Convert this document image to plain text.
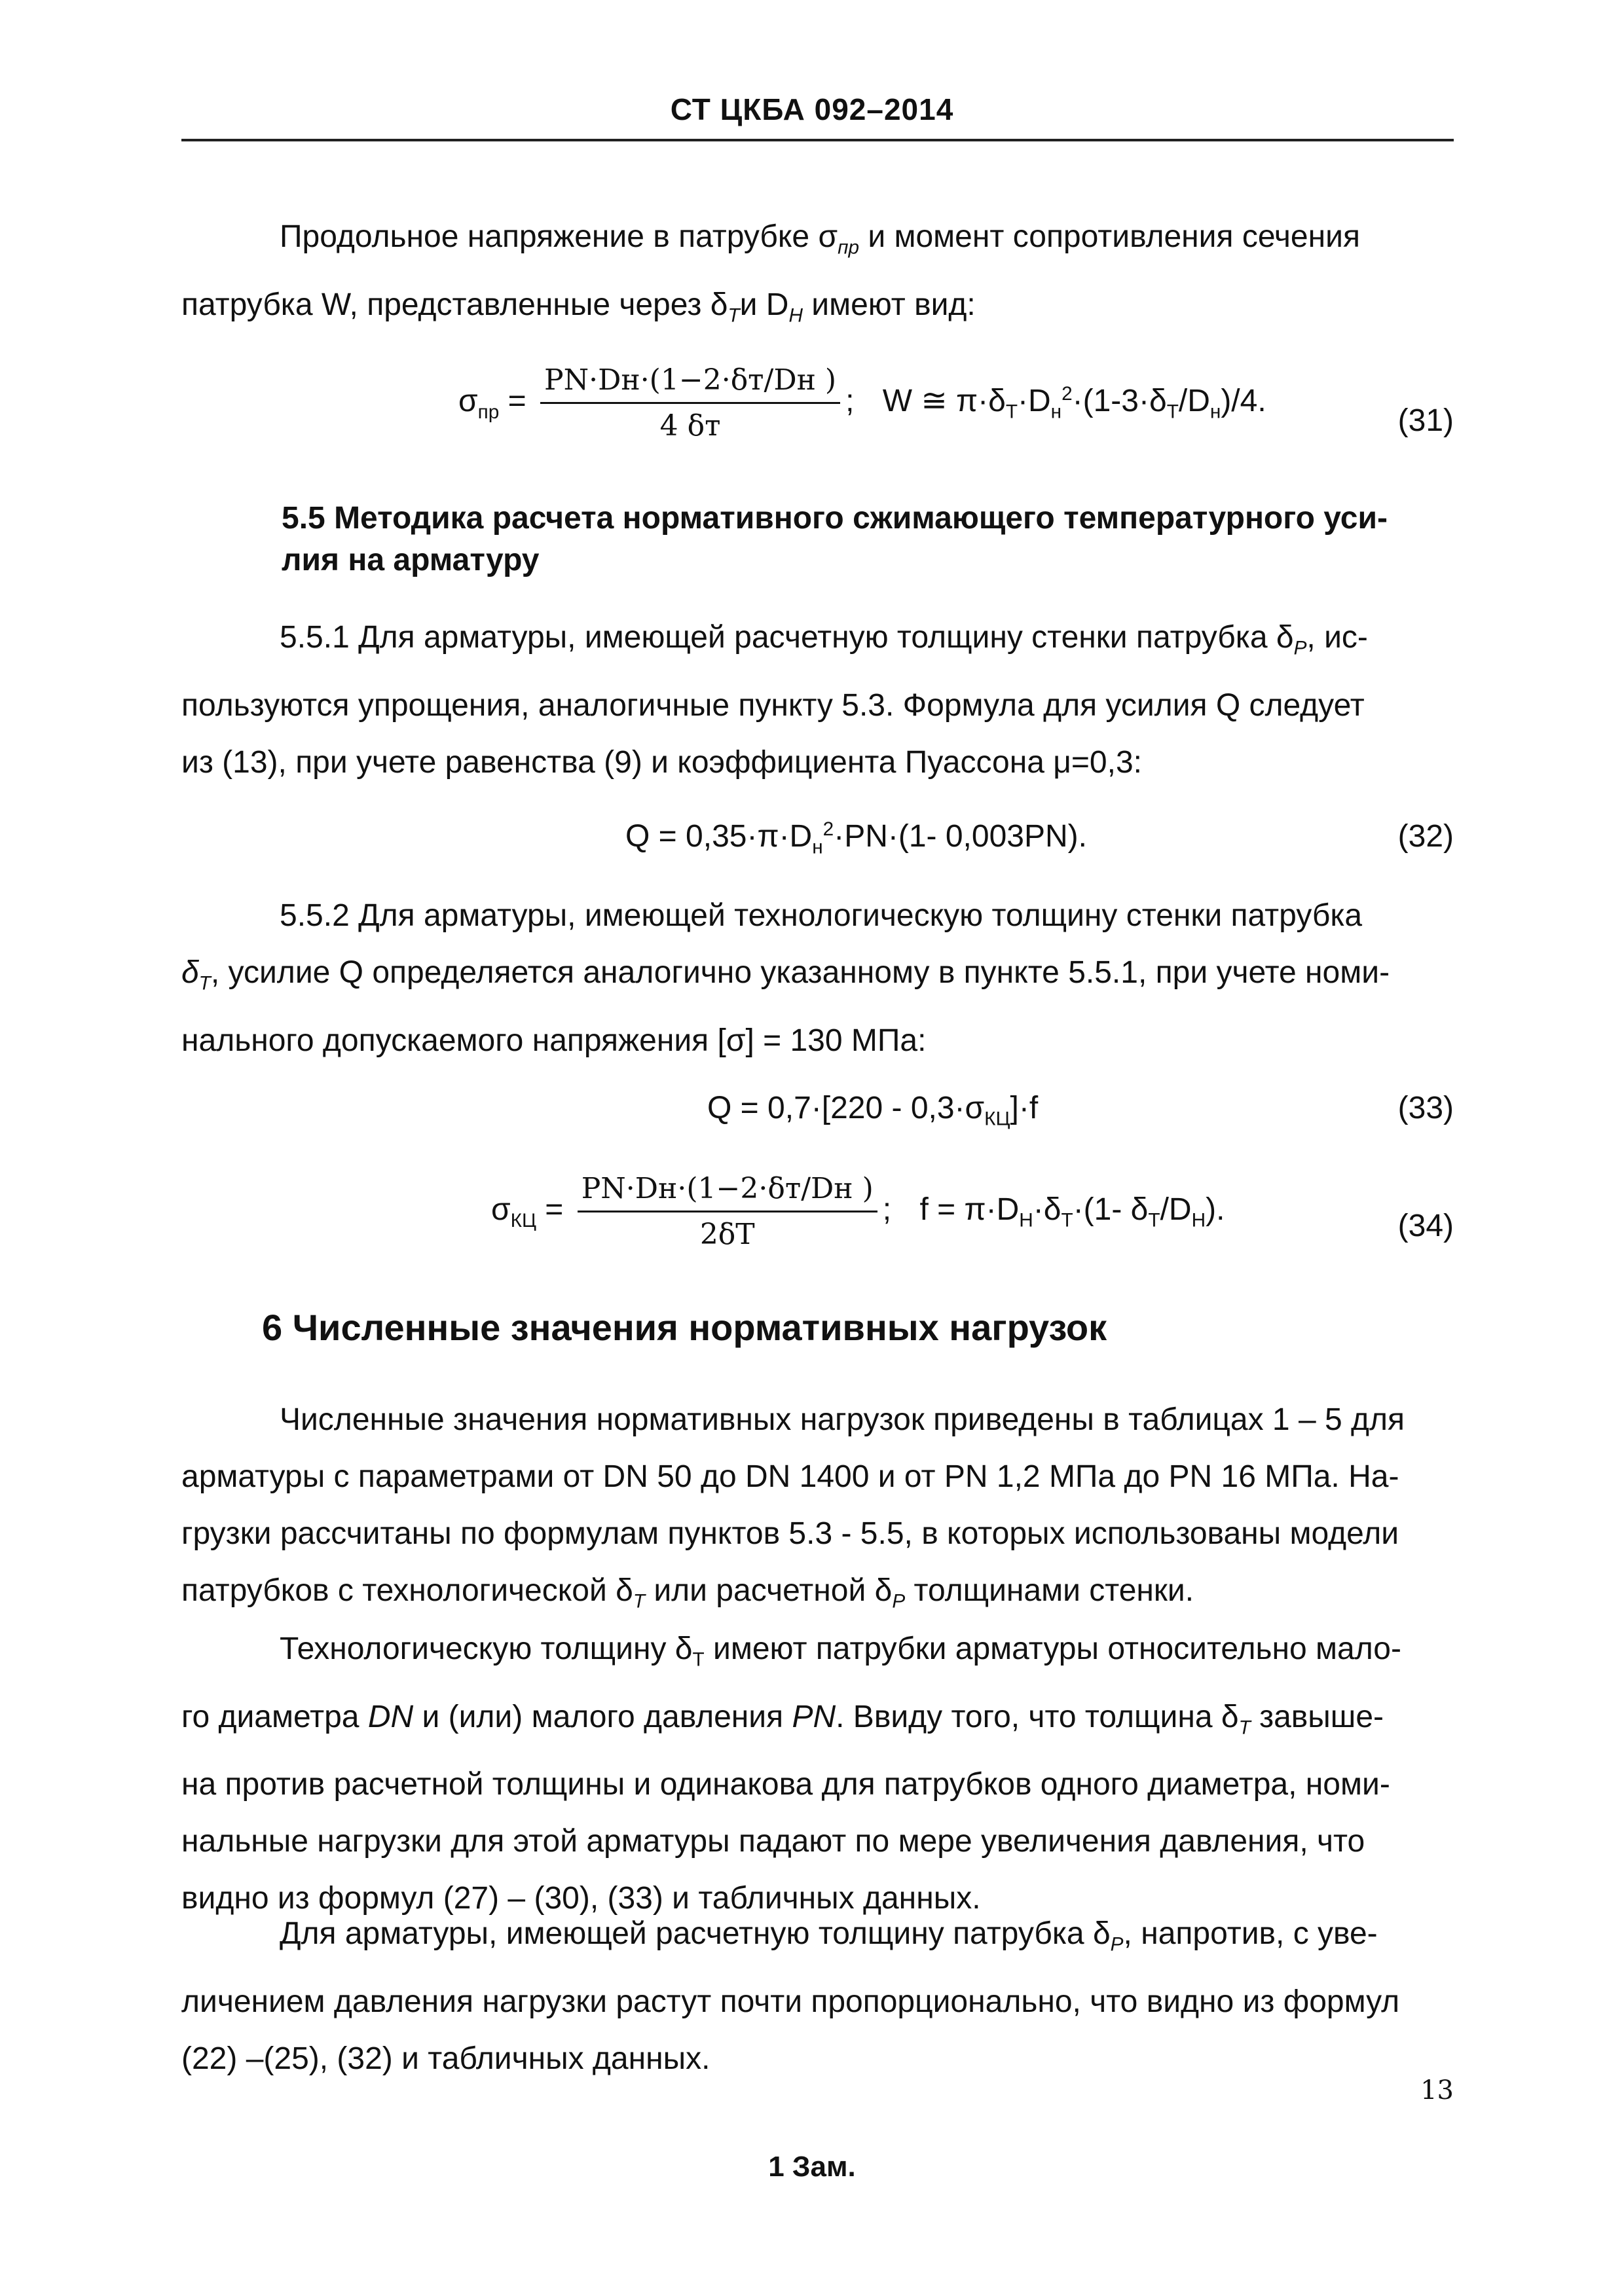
СТ ЦКБА 092–2014
Продольное напряжение в патрубке $\sigma_{пр}$ и момент сопротивления сечения
патрубка W, представленные через $\delta_Ти$ $D_Н$ имеют вид:
$\sigma_{пр} = \frac{PN\cdot Dн\cdot(1-2\cdot\delta т/Dн )}{4 \delta т}$ ; W ≅ $\pi\cdot\delta_Т\cdot D_н^2\cdot(1-3\cdot\delta_Т/D_н)/4$.
(31)
5.5 Методика расчета нормативного сжимающего температурного уси-
лия на арматуру
5.5.1 Для арматуры, имеющей расчетную толщину стенки патрубка $\delta_Р$, ис-
пользуются упрощения, аналогичные пункту 5.3. Формула для усилия Q следует
из (13), при учете равенства (9) и коэффициента Пуассона μ=0,3:
$Q = 0,35\cdot\pi\cdot D_н^2\cdot PN\cdot(1-$ 0,003PN).	(32)
5.5.2 Для арматуры, имеющей технологическую толщину стенки патрубка
$\delta_Т$, усилие Q определяется аналогично указанному в пункте 5.5.1, при учете номи-
нального допускаемого напряжения [σ] = 130 МПа:
$Q = 0,7\cdot[220 - 0,3\cdot\sigma_{КЦ}]\cdot f$	(33)
$\sigma_{КЦ} = \frac{PN\cdot Dн\cdot(1-2\cdot\delta т/Dн )}{2\delta T}$ ; $f = \pi\cdot D_Н\cdot\delta_Т\cdot(1-$ $\delta_Т/D_Н$).	(34)
6 Численные значения нормативных нагрузок
Численные значения нормативных нагрузок приведены в таблицах 1 – 5 для
арматуры с параметрами от DN 50 до DN 1400 и от PN 1,2 МПа до PN 16 МПа. На-
грузки рассчитаны по формулам пунктов 5.3 - 5.5, в которых использованы модели
патрубков с технологической $\delta_Т$ или расчетной $\delta_Р$ толщинами стенки.
Технологическую толщину $\delta_Т$ имеют патрубки арматуры относительно мало-
го диаметра DN и (или) малого давления PN. Ввиду того, что толщина $\delta_Т$ завыше-
на против расчетной толщины и одинакова для патрубков одного диаметра, номи-
нальные нагрузки для этой арматуры падают по мере увеличения давления, что
видно из формул (27) – (30), (33) и табличных данных.
Для арматуры, имеющей расчетную толщину патрубка $\delta_Р$, напротив, с уве-
личением давления нагрузки растут почти пропорционально, что видно из формул
(22) –(25), (32) и табличных данных.
13
1 Зам.
